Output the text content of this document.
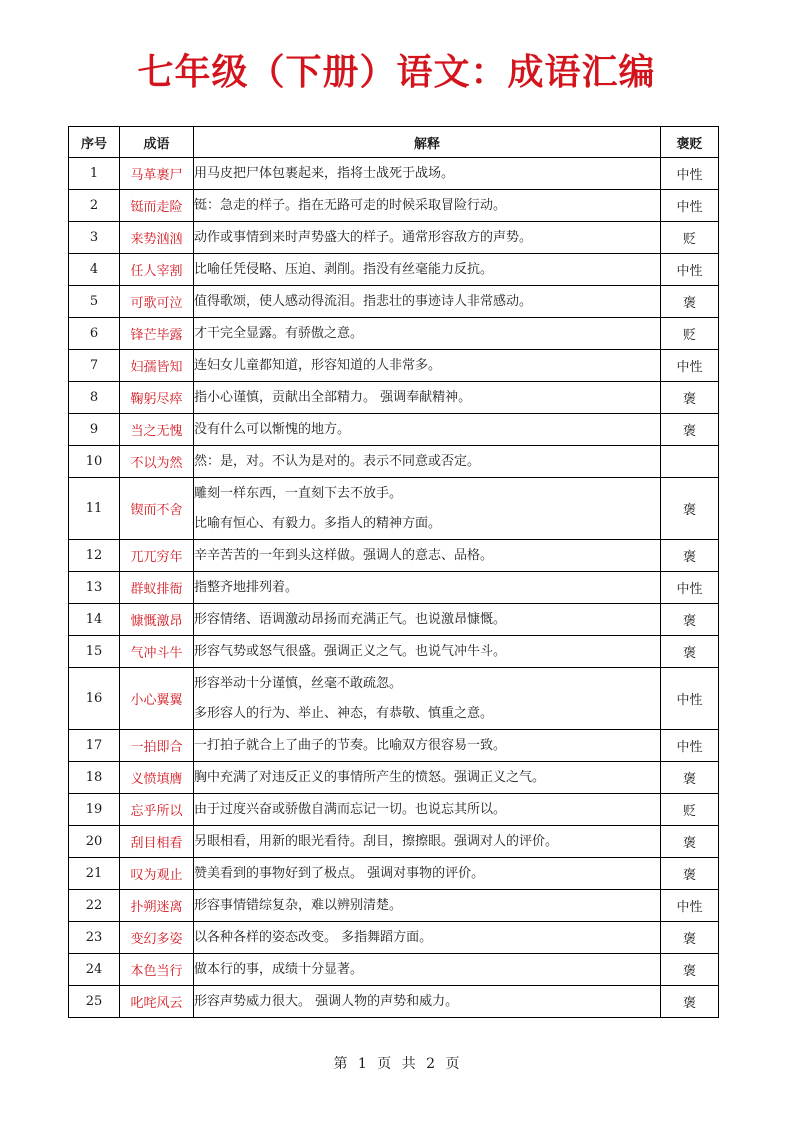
七年级（下册）语文：成语汇编
序号	成语	解释	褒贬
1	马革裹尸	用马皮把尸体包裹起来，指将士战死于战场。	中性
2	铤而走险	铤：急走的样子。指在无路可走的时候采取冒险行动。	中性
3	来势汹汹	动作或事情到来时声势盛大的样子。通常形容敌方的声势。	贬
4	任人宰割	比喻任凭侵略、压迫、剥削。指没有丝毫能力反抗。	中性
5	可歌可泣	值得歌颂，使人感动得流泪。指悲壮的事迹诗人非常感动。	褒
6	锋芒毕露	才干完全显露。有骄傲之意。	贬
7	妇孺皆知	连妇女儿童都知道，形容知道的人非常多。	中性
8	鞠躬尽瘁	指小心谨慎，贡献出全部精力。 强调奉献精神。	褒
9	当之无愧	没有什么可以惭愧的地方。	褒
10	不以为然	然：是，对。不认为是对的。表示不同意或否定。	

11	锲而不舍	雕刻一样东西，一直刻下去不放手。
比喻有恒心、有毅力。多指人的精神方面。	褒
12	兀兀穷年	辛辛苦苦的一年到头这样做。强调人的意志、品格。	褒
13	群蚁排衙	指整齐地排列着。	中性
14	慷慨激昂	形容情绪、语调激动昂扬而充满正气。也说激昂慷慨。	褒
15	气冲斗牛	形容气势或怒气很盛。强调正义之气。也说气冲牛斗。	褒
16	小心翼翼	形容举动十分谨慎，丝毫不敢疏忽。
多形容人的行为、举止、神态，有恭敬、慎重之意。	中性
17	一拍即合	一打拍子就合上了曲子的节奏。比喻双方很容易一致。	中性
18	义愤填膺	胸中充满了对违反正义的事情所产生的愤怒。强调正义之气。	褒
19	忘乎所以	由于过度兴奋或骄傲自满而忘记一切。也说忘其所以。	贬
20	刮目相看	另眼相看，用新的眼光看待。刮目，擦擦眼。强调对人的评价。	褒
21	叹为观止	赞美看到的事物好到了极点。 强调对事物的评价。	褒
22	扑朔迷离	形容事情错综复杂，难以辨别清楚。	中性
23	变幻多姿	以各种各样的姿态改变。 多指舞蹈方面。	褒
24	本色当行	做本行的事，成绩十分显著。	褒
25	叱咤风云	形容声势威力很大。 强调人物的声势和威力。	褒
第 1 页 共 2 页
